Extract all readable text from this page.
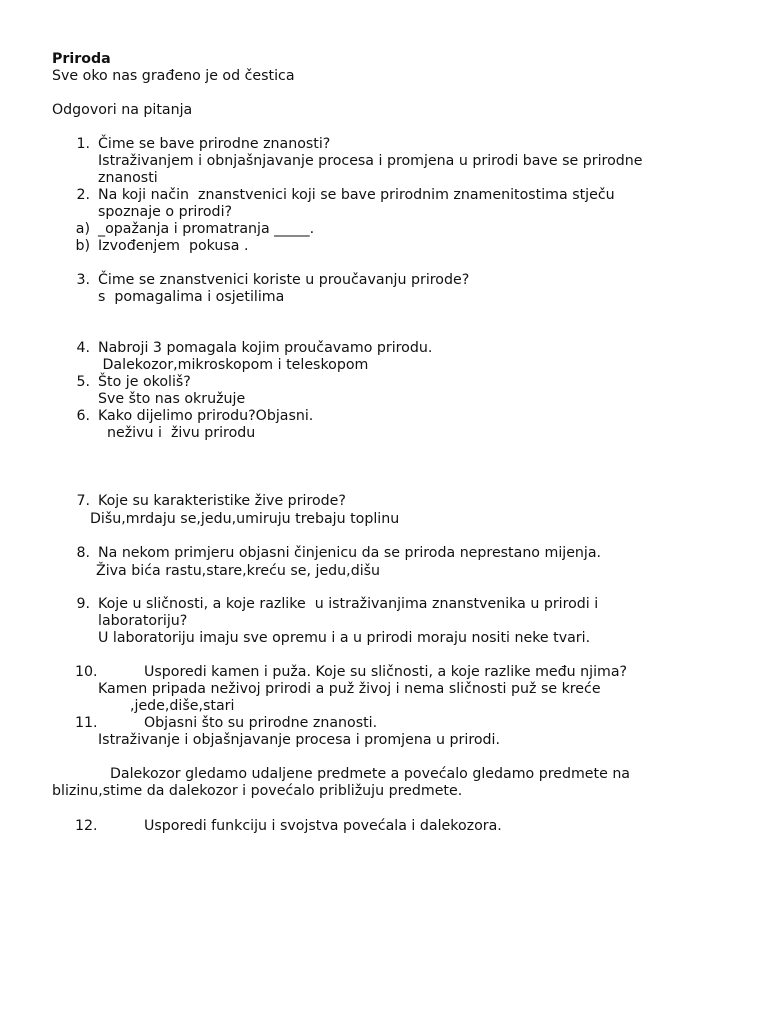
Priroda
Sve oko nas građeno je od čestica
Odgovori na pitanja
1. Čime se bave prirodne znanosti?
Istraživanjem i obnjašnjavanje procesa i promjena u prirodi bave se prirodne
znanosti
2. Na koji način  znanstvenici koji se bave prirodnim znamenitostima stječu
spoznaje o prirodi?
a) _opažanja i promatranja _____.
b) Izvođenjem  pokusa .
3. Čime se znanstvenici koriste u proučavanju prirode?
s  pomagalima i osjetilima
4. Nabroji 3 pomagala kojim proučavamo prirodu.
Dalekozor,mikroskopom i teleskopom
5. Što je okoliš?
Sve što nas okružuje
6. Kako dijelimo prirodu?Objasni.
neživu i  živu prirodu
7. Koje su karakteristike žive prirode?
Dišu,mrdaju se,jedu,umiruju trebaju toplinu
8. Na nekom primjeru objasni činjenicu da se priroda neprestano mijenja.
Živa bića rastu,stare,kreću se, jedu,dišu
9. Koje u sličnosti, a koje razlike  u istraživanjima znanstvenika u prirodi i
laboratoriju?
U laboratoriju imaju sve opremu i a u prirodi moraju nositi neke tvari.
10.	Usporedi kamen i puža. Koje su sličnosti, a koje razlike među njima?
Kamen pripada neživoj prirodi a puž živoj i nema sličnosti puž se kreće
,jede,diše,stari
11.	Objasni što su prirodne znanosti.
Istraživanje i objašnjavanje procesa i promjena u prirodi.
Dalekozor gledamo udaljene predmete a povećalo gledamo predmete na
blizinu,stime da dalekozor i povećalo približuju predmete.
12.	Usporedi funkciju i svojstva povećala i dalekozora.
